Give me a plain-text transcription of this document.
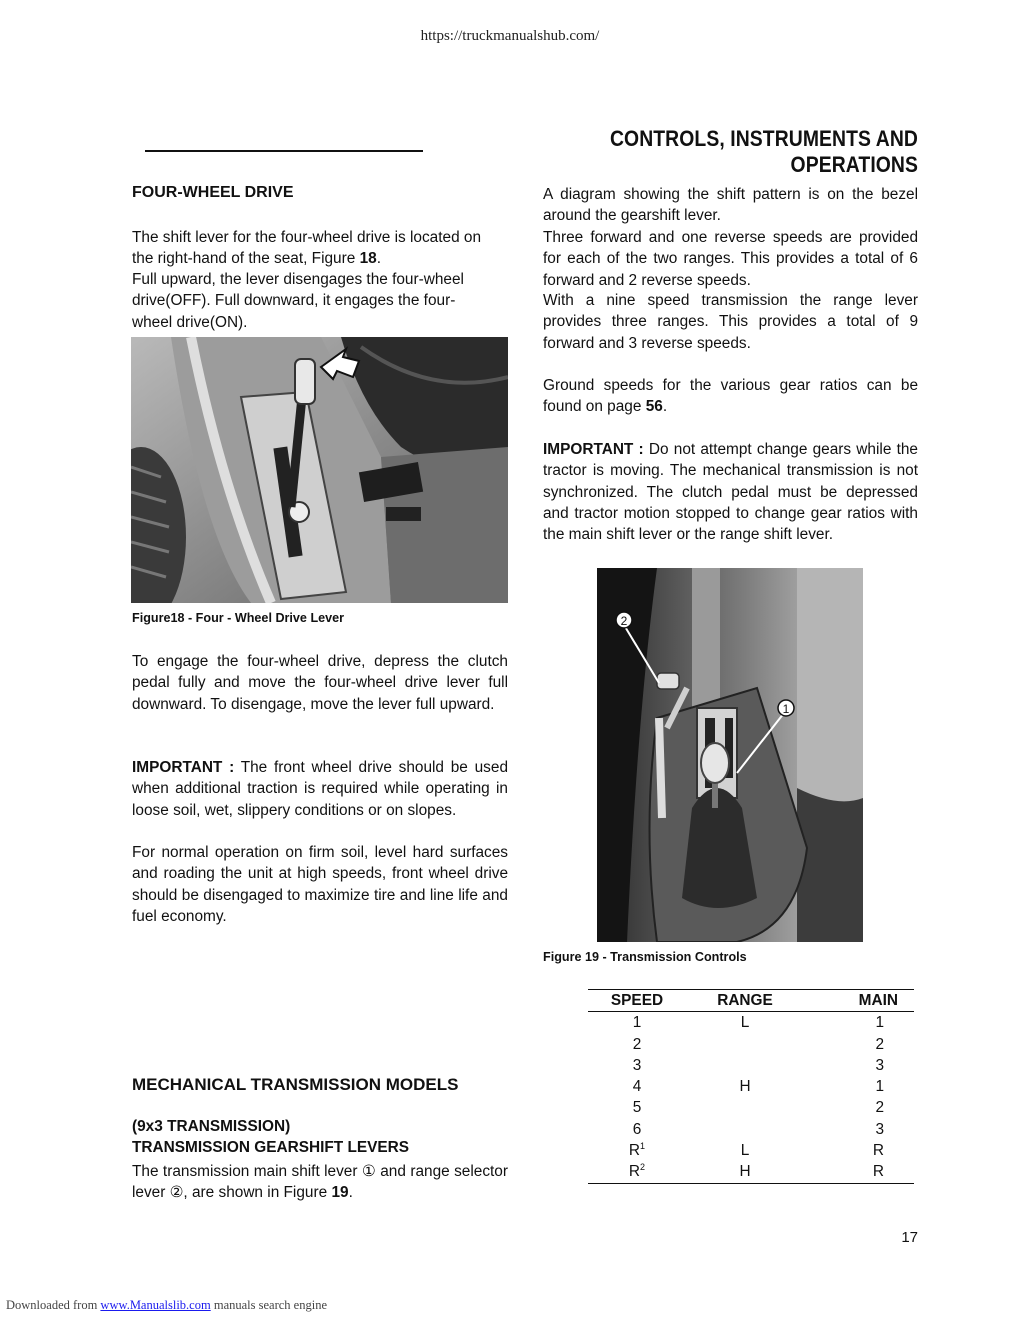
https://truckmanualshub.com/
CONTROLS, INSTRUMENTS AND OPERATIONS
FOUR-WHEEL DRIVE
The shift lever for the four-wheel drive is located on the right-hand of the seat, Figure 18.
Full upward, the lever disengages the four-wheel drive(OFF). Full downward, it engages the four-wheel drive(ON).
Figure18 - Four - Wheel Drive Lever
To engage the four-wheel drive, depress the clutch pedal fully and move the four-wheel drive lever full downward. To disengage, move the lever full upward.
IMPORTANT : The front wheel drive should be used when additional traction is required while operating in loose soil, wet, slippery conditions or on slopes.
For normal operation on firm soil, level hard surfaces and roading the unit at high speeds, front wheel drive should be disengaged to maximize tire and line life and fuel economy.
MECHANICAL TRANSMISSION MODELS
(9x3 TRANSMISSION)
TRANSMISSION GEARSHIFT LEVERS
The transmission main shift lever ① and range selector lever ②, are shown in Figure 19.
A diagram showing the shift pattern is on the bezel around the gearshift lever.
Three forward and one reverse speeds are provided for each of the two ranges. This provides a total of 6 forward and 2 reverse speeds.
With a nine speed transmission the range lever provides three ranges. This provides a total of 9 forward and 3 reverse speeds.
Ground speeds for the various gear ratios can be found on page 56.
IMPORTANT : Do not attempt change gears while the tractor is moving. The mechanical transmission is not synchronized. The clutch pedal must be depressed and tractor motion stopped to change gear ratios with the main shift lever or the range shift lever.
2
1
Figure 19 - Transmission Controls
SPEED	RANGE	MAIN
1	L	1
2		2
3		3
4	H	1
5		2
6		3
$R^1$	L	R
$R^2$	H	R
17
Downloaded from www.Manualslib.com manuals search engine
